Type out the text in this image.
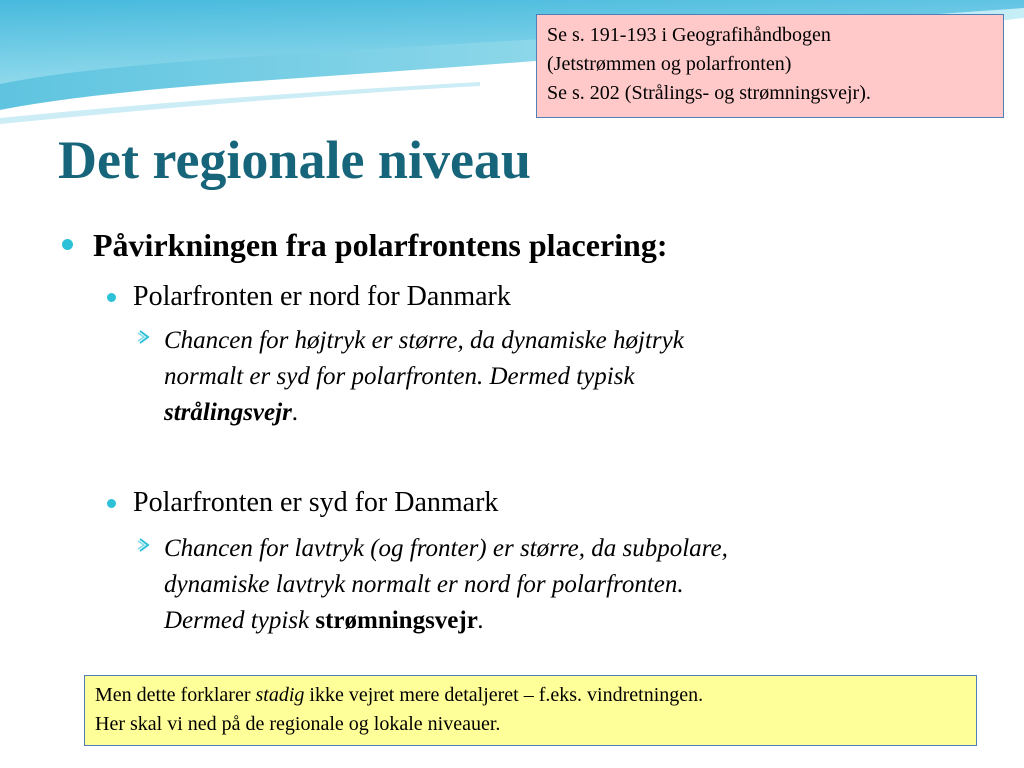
Se s. 191-193 i Geografihåndbogen
(Jetstrømmen og polarfronten)
Se s. 202 (Strålings- og strømningsvejr).
Det regionale niveau
Påvirkningen fra polarfrontens placering:
Polarfronten er nord for Danmark
Chancen for højtryk er større, da dynamiske højtryk
normalt er syd for polarfronten. Dermed typisk
strålingsvejr.
Polarfronten er syd for Danmark
Chancen for lavtryk (og fronter) er større, da subpolare,
dynamiske lavtryk normalt er nord for polarfronten.
Dermed typisk strømningsvejr.
Men dette forklarer stadig ikke vejret mere detaljeret – f.eks. vindretningen.
Her skal vi ned på de regionale og lokale niveauer.
